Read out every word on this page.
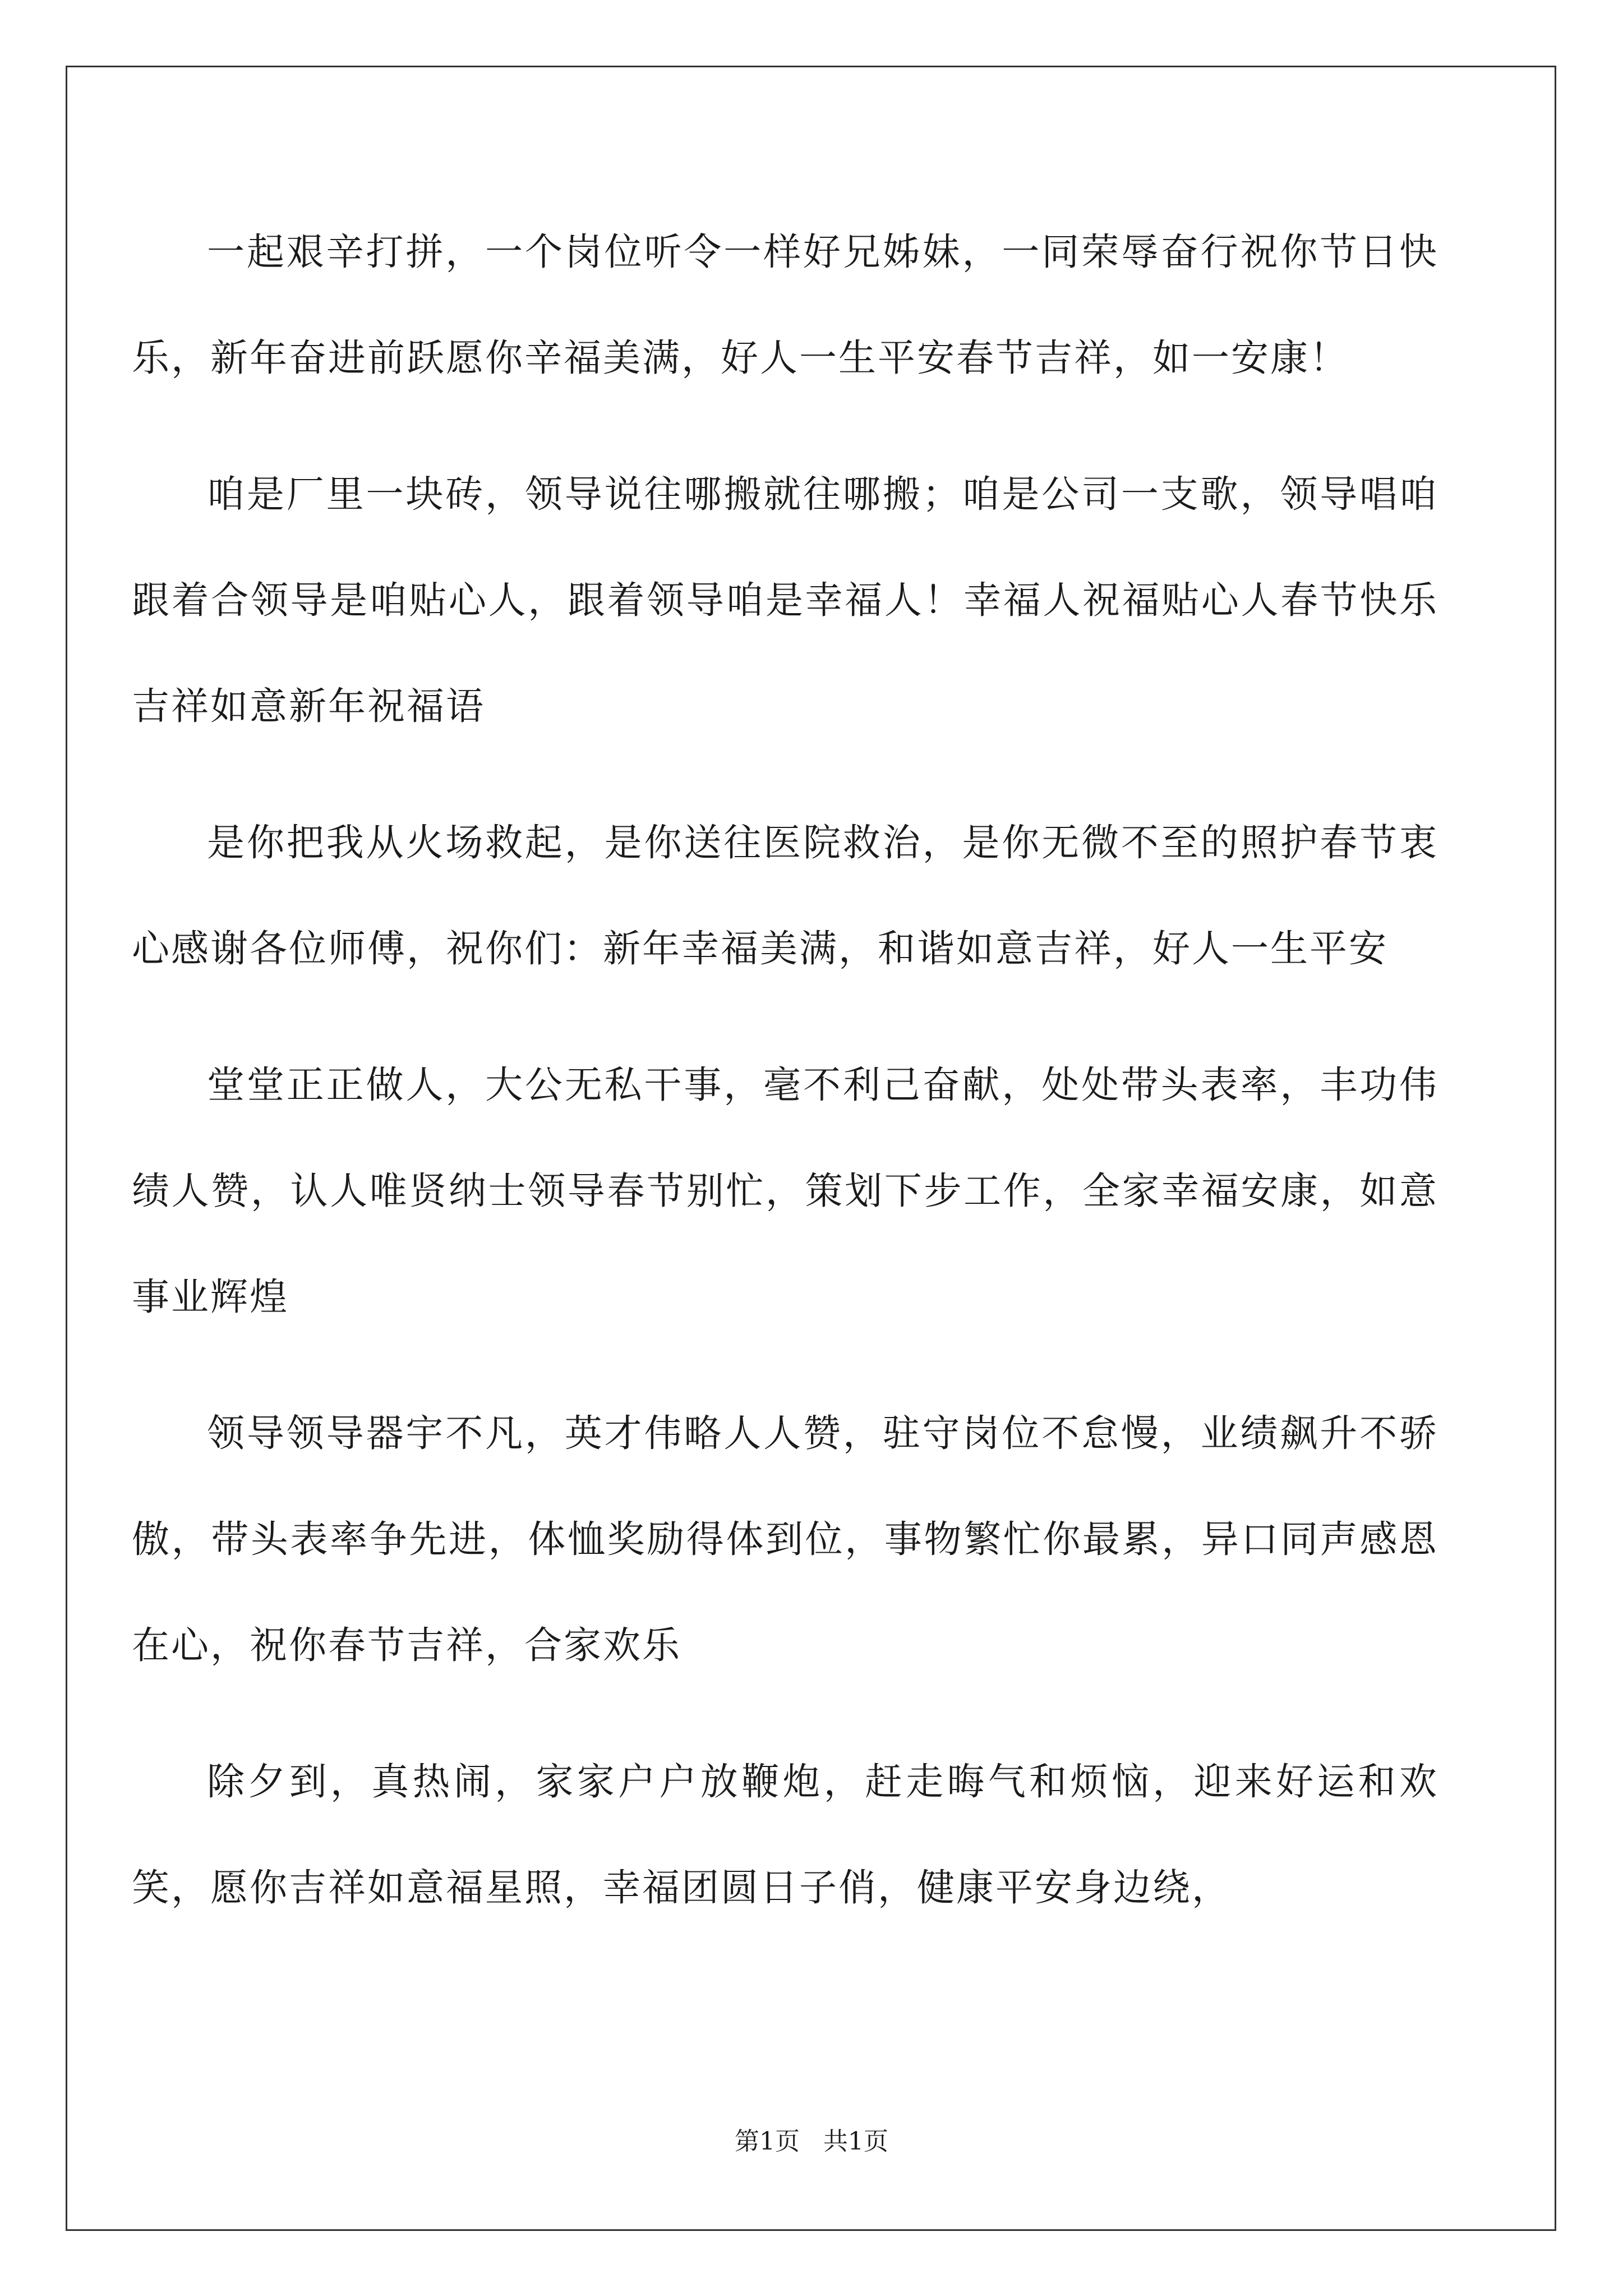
一起艰辛打拼，一个岗位听令一样好兄姊妹，一同荣辱奋行祝你节日快乐，新年奋进前跃愿你辛福美满，好人一生平安春节吉祥，如一安康！

咱是厂里一块砖，领导说往哪搬就往哪搬；咱是公司一支歌，领导唱咱跟着合领导是咱贴心人，跟着领导咱是幸福人！幸福人祝福贴心人春节快乐吉祥如意新年祝福语

是你把我从火场救起，是你送往医院救治，是你无微不至的照护春节衷心感谢各位师傅，祝你们：新年幸福美满，和谐如意吉祥，好人一生平安

堂堂正正做人，大公无私干事，毫不利己奋献，处处带头表率，丰功伟绩人赞，认人唯贤纳士领导春节别忙，策划下步工作，全家幸福安康，如意事业辉煌

领导领导器宇不凡，英才伟略人人赞，驻守岗位不怠慢，业绩飙升不骄傲，带头表率争先进，体恤奖励得体到位，事物繁忙你最累，异口同声感恩在心，祝你春节吉祥，合家欢乐

除夕到，真热闹，家家户户放鞭炮，赶走晦气和烦恼，迎来好运和欢笑，愿你吉祥如意福星照，幸福团圆日子俏，健康平安身边绕，

第1页 共1页
